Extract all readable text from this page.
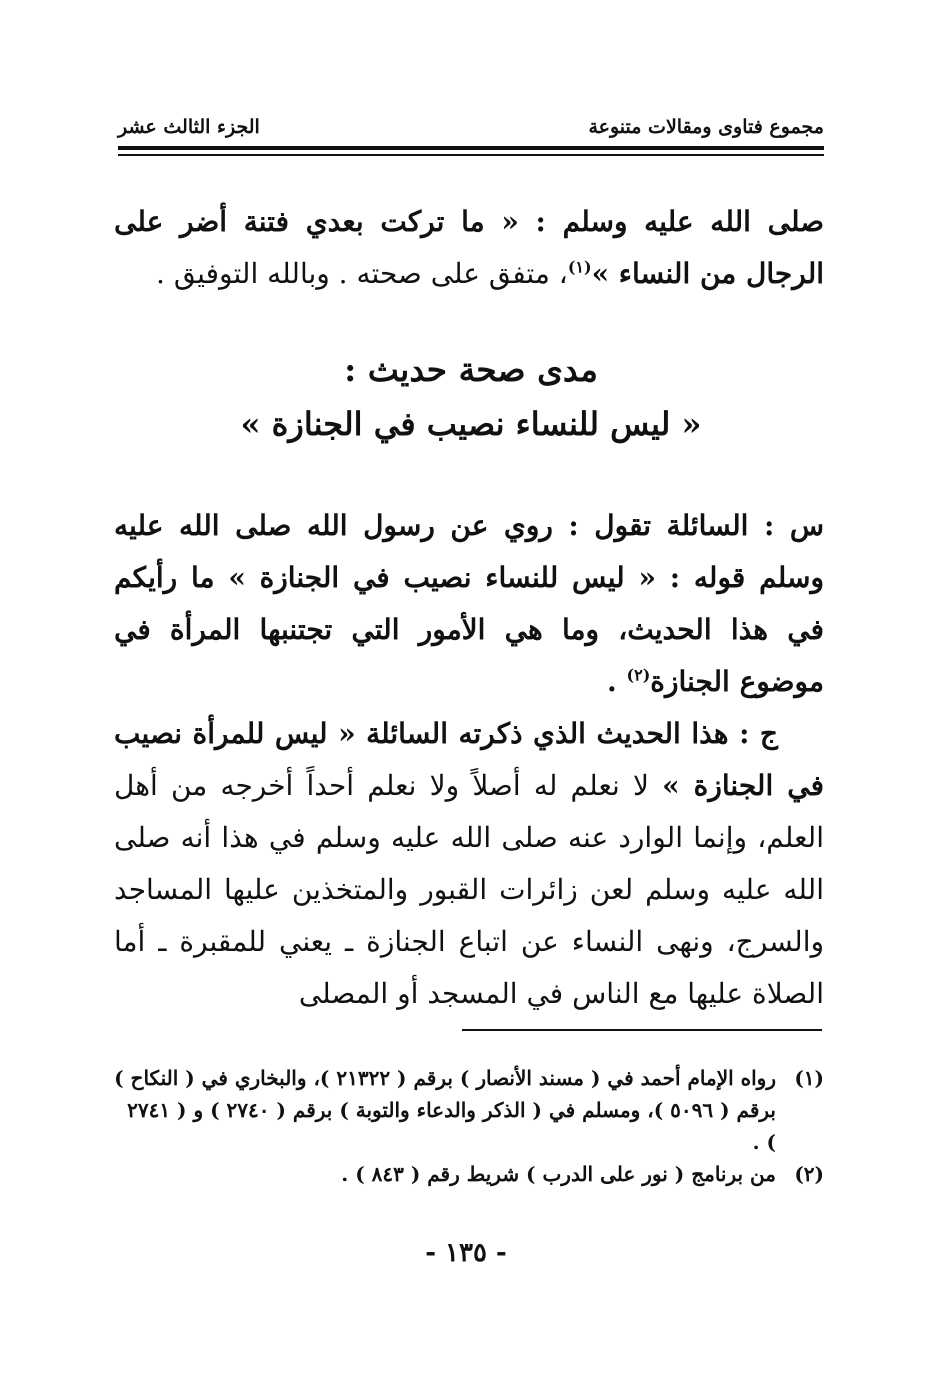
مجموع فتاوى ومقالات متنوعة
الجزء الثالث عشر
صلى الله عليه وسلم : « ما تركت بعدي فتنة أضر على الرجال من النساء »$^{(١)}$، متفق على صحته . وبالله التوفيق .
مدى صحة حديث :
« ليس للنساء نصيب في الجنازة »
س : السائلة تقول : روي عن رسول الله صلى الله عليه وسلم قوله : « ليس للنساء نصيب في الجنازة » ما رأيكم في هذا الحديث، وما هي الأمور التي تجتنبها المرأة في موضوع الجنازة$^{(٢)}$ .
ج : هذا الحديث الذي ذكرته السائلة « ليس للمرأة نصيب في الجنازة » لا نعلم له أصلاً ولا نعلم أحداً أخرجه من أهل العلم، وإنما الوارد عنه صلى الله عليه وسلم في هذا أنه صلى الله عليه وسلم لعن زائرات القبور والمتخذين عليها المساجد والسرج، ونهى النساء عن اتباع الجنازة ـ يعني للمقبرة ـ أما الصلاة عليها مع الناس في المسجد أو المصلى
(١)
رواه الإمام أحمد في ( مسند الأنصار ) برقم ( ٢١٣٢٢ )، والبخاري في ( النكاح ) برقم ( ٥٠٩٦ )، ومسلم في ( الذكر والدعاء والتوبة ) برقم ( ٢٧٤٠ ) و ( ٢٧٤١ ) .
(٢)
من برنامج ( نور على الدرب ) شريط رقم ( ٨٤٣ ) .
- ١٣٥ -
